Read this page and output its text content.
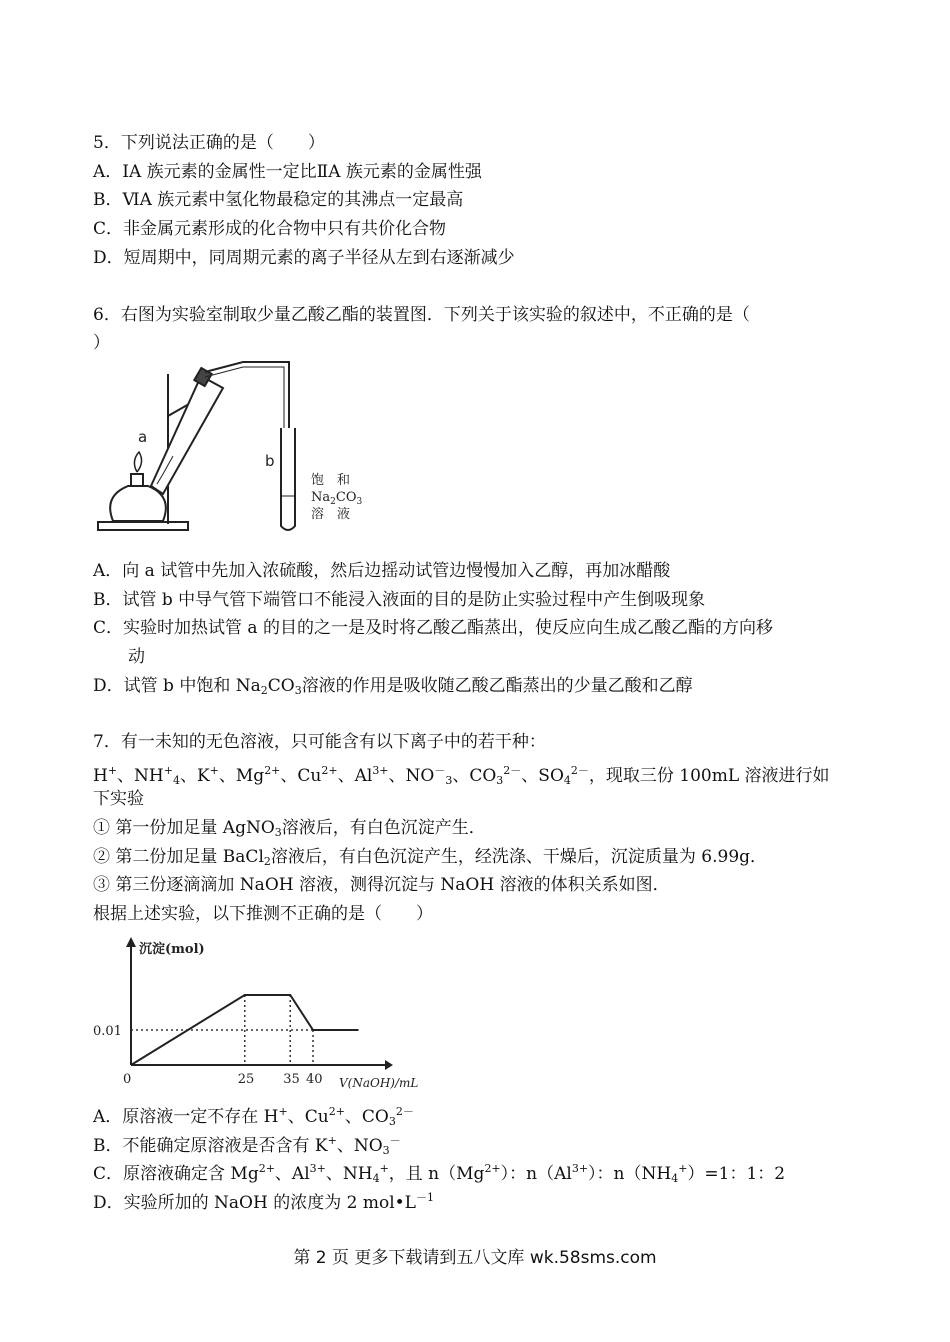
5．下列说法正确的是（　　）
A．ⅠA 族元素的金属性一定比ⅡA 族元素的金属性强
B．ⅥA 族元素中氢化物最稳定的其沸点一定最高
C．非金属元素形成的化合物中只有共价化合物
D．短周期中，同周期元素的离子半径从左到右逐渐减少
6．右图为实验室制取少量乙酸乙酯的装置图．下列关于该实验的叙述中，不正确的是（
）
a
b
饱　和
$Na_2CO_3$
溶　液
A．向 a 试管中先加入浓硫酸，然后边摇动试管边慢慢加入乙醇，再加冰醋酸
B．试管 b 中导气管下端管口不能浸入液面的目的是防止实验过程中产生倒吸现象
C．实验时加热试管 a 的目的之一是及时将乙酸乙酯蒸出，使反应向生成乙酸乙酯的方向移
动
D．试管 b 中饱和 $Na_2CO_3$溶液的作用是吸收随乙酸乙酯蒸出的少量乙酸和乙醇
7．有一未知的无色溶液，只可能含有以下离子中的若干种：
H+、$NH^+_4$、K+、$Mg^{2+}$、$Cu^{2+}$、$Al^{3+}$、$NO^-_3$、$CO_3^{2-}$、$SO_4^{2-}$，现取三份 100mL 溶液进行如
下实验
① 第一份加足量 AgNO$_3$溶液后，有白色沉淀产生．
② 第二份加足量 BaCl$_2$溶液后，有白色沉淀产生，经洗涤、干燥后，沉淀质量为 6.99g．
③ 第三份逐滴滴加 NaOH 溶液，测得沉淀与 NaOH 溶液的体积关系如图．
根据上述实验，以下推测不正确的是（　　）
沉淀(mol)
V(NaOH)/mL
0	25 35 40
0.01
A．原溶液一定不存在 H+、$Cu^{2+}$、$CO_3^{2-}$
B．不能确定原溶液是否含有 K+、$NO_3^-$
C．原溶液确定含 $Mg^{2+}$、$Al^{3+}$、$NH_4^+$，且 $n(Mg^{2+})$：$n(Al^{3+})$：$n(NH_4^+)=1$：1：2
D．实验所加的 NaOH 的浓度为 2 $mol•L^{-1}$
第 2 页 更多下载请到五八文库 wk.58sms.com
